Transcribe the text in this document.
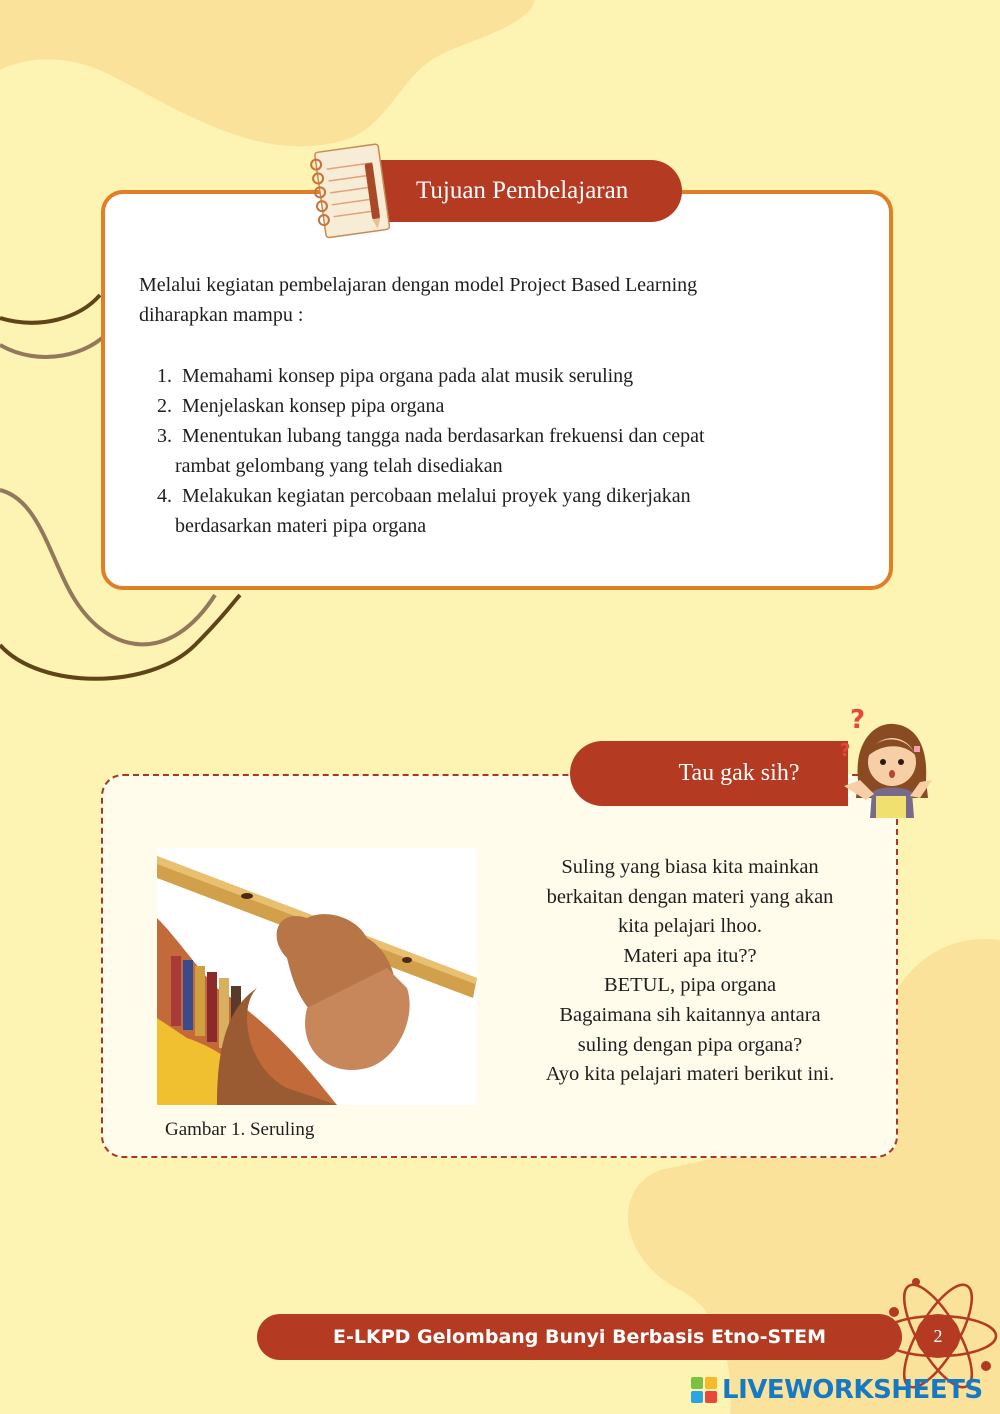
Tujuan Pembelajaran
Melalui kegiatan pembelajaran dengan model Project Based Learning
diharapkan mampu :
1. Memahami konsep pipa organa pada alat musik seruling
2. Menjelaskan konsep pipa organa
3. Menentukan lubang tangga nada berdasarkan frekuensi dan cepat
rambat gelombang yang telah disediakan
4. Melakukan kegiatan percobaan melalui proyek yang dikerjakan
berdasarkan materi pipa organa
Tau gak sih?
?
?
Gambar 1. Seruling
Suling yang biasa kita mainkan
berkaitan dengan materi yang akan
kita pelajari lhoo.
Materi apa itu??
BETUL, pipa organa
Bagaimana sih kaitannya antara
suling dengan pipa organa?
Ayo kita pelajari materi berikut ini.
E-LKPD Gelombang Bunyi Berbasis Etno-STEM	2
LIVEWORKSHEETS
